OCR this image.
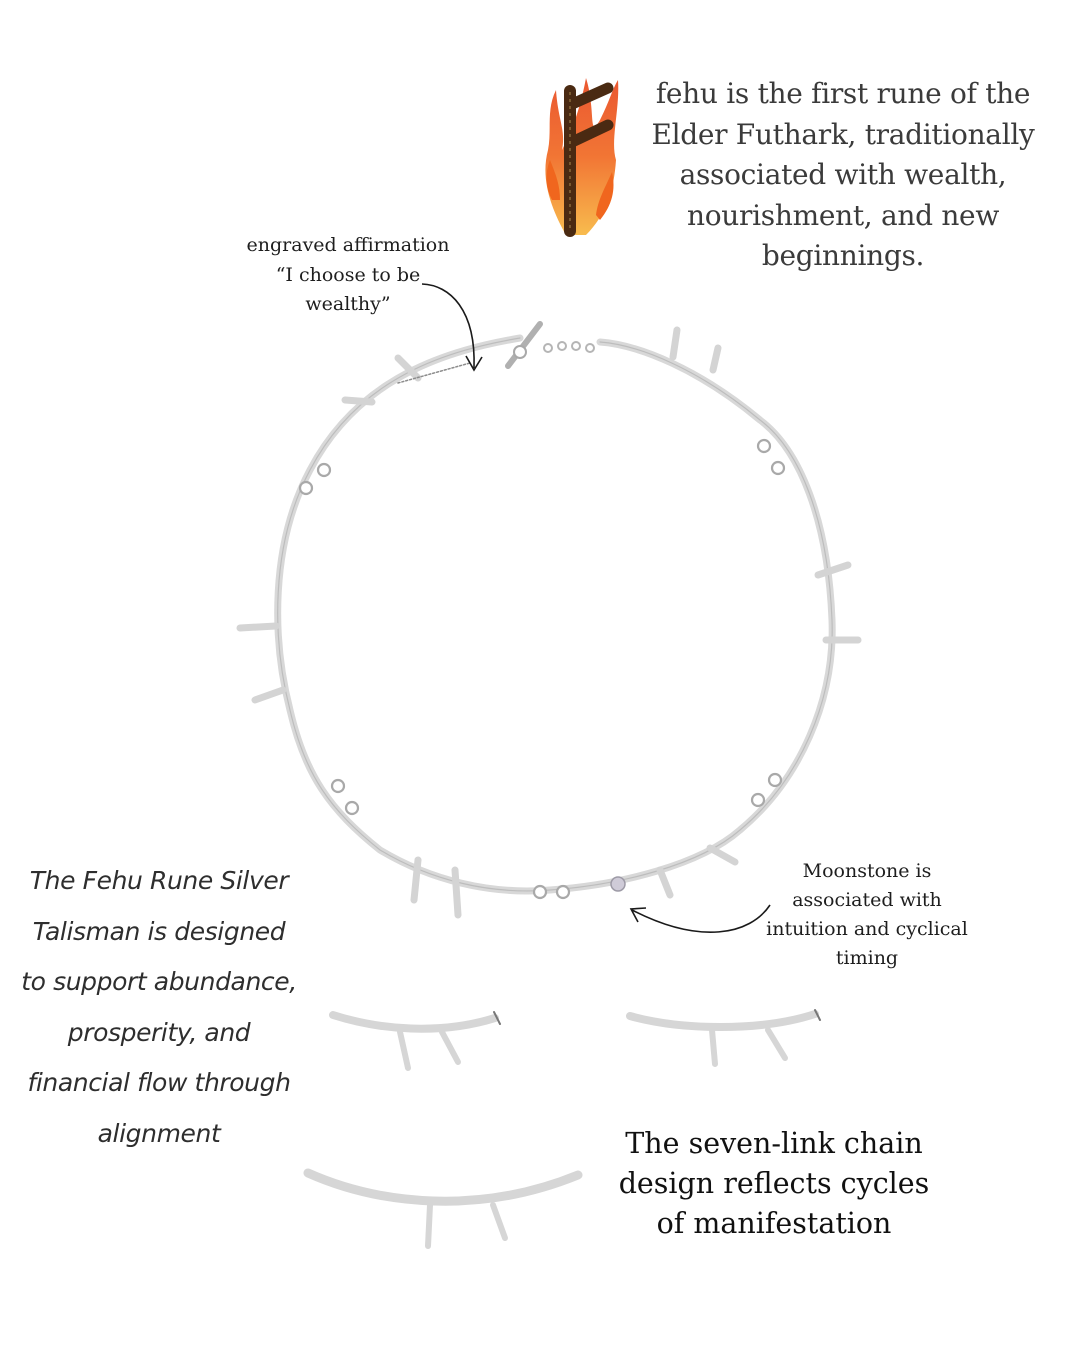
fehu is the first rune of the Elder Futhark, traditionally associated with wealth, nourishment, and new beginnings.
engraved affirmation
“I choose to be
wealthy”
Moonstone is associated with intuition and cyclical timing
The Fehu Rune Silver Talisman is designed to support abundance, prosperity, and financial flow through alignment	The seven-link chain design reflects cycles of manifestation
